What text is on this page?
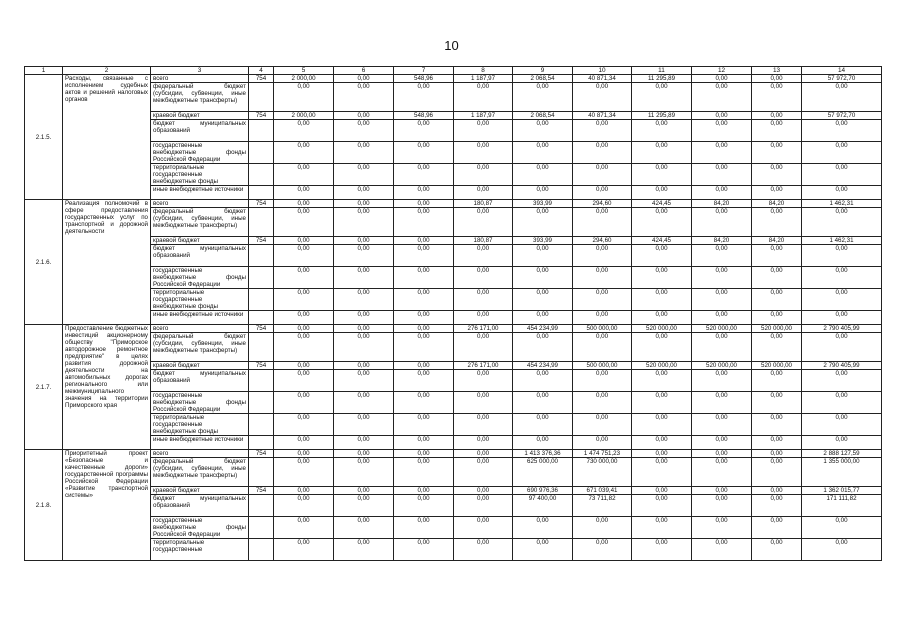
10
1	2	3	4	5	6	7	8	9	10	11	12	13	14
2.1.5.	Расходы, связанные с исполнением судебных актов и решений налоговых органов	всего	754	2 000,00	0,00	548,96	1 187,97	2 068,54	40 871,34	11 295,89	0,00	0,00	57 972,70
		федеральный бюджет (субсидии, субвенции, иные межбюджетные трансферты)		0,00	0,00	0,00	0,00	0,00	0,00	0,00	0,00	0,00	0,00
		краевой бюджет	754	2 000,00	0,00	548,96	1 187,97	2 068,54	40 871,34	11 295,89	0,00	0,00	57 972,70
		бюджет муниципальных образований		0,00	0,00	0,00	0,00	0,00	0,00	0,00	0,00	0,00	0,00
		государственные внебюджетные фонды Российской Федерации		0,00	0,00	0,00	0,00	0,00	0,00	0,00	0,00	0,00	0,00
		территориальные государственные внебюджетные фонды		0,00	0,00	0,00	0,00	0,00	0,00	0,00	0,00	0,00	0,00
		иные внебюджетные источники		0,00	0,00	0,00	0,00	0,00	0,00	0,00	0,00	0,00	0,00
2.1.6.	Реализация полномочий в сфере предоставления государственных услуг по транспортной и дорожной деятельности	всего	754	0,00	0,00	0,00	180,87	393,99	294,60	424,45	84,20	84,20	1 462,31
		федеральный бюджет (субсидии, субвенции, иные межбюджетные трансферты)		0,00	0,00	0,00	0,00	0,00	0,00	0,00	0,00	0,00	0,00
		краевой бюджет	754	0,00	0,00	0,00	180,87	393,99	294,60	424,45	84,20	84,20	1 462,31
		бюджет муниципальных образований		0,00	0,00	0,00	0,00	0,00	0,00	0,00	0,00	0,00	0,00
		государственные внебюджетные фонды Российской Федерации		0,00	0,00	0,00	0,00	0,00	0,00	0,00	0,00	0,00	0,00
		территориальные государственные внебюджетные фонды		0,00	0,00	0,00	0,00	0,00	0,00	0,00	0,00	0,00	0,00
		иные внебюджетные источники		0,00	0,00	0,00	0,00	0,00	0,00	0,00	0,00	0,00	0,00
2.1.7.	Предоставление бюджетных инвестиций акционерному обществу "Приморское автодорожное ремонтное предприятие" в целях развития дорожной деятельности на автомобильных дорогах регионального или межмуниципального значения на территории Приморского края	всего	754	0,00	0,00	0,00	276 171,00	454 234,99	500 000,00	520 000,00	520 000,00	520 000,00	2 790 405,99
		федеральный бюджет (субсидии, субвенции, иные межбюджетные трансферты)		0,00	0,00	0,00	0,00	0,00	0,00	0,00	0,00	0,00	0,00
		краевой бюджет	754	0,00	0,00	0,00	276 171,00	454 234,99	500 000,00	520 000,00	520 000,00	520 000,00	2 790 405,99
		бюджет муниципальных образований		0,00	0,00	0,00	0,00	0,00	0,00	0,00	0,00	0,00	0,00
		государственные внебюджетные фонды Российской Федерации		0,00	0,00	0,00	0,00	0,00	0,00	0,00	0,00	0,00	0,00
		территориальные государственные внебюджетные фонды		0,00	0,00	0,00	0,00	0,00	0,00	0,00	0,00	0,00	0,00
		иные внебюджетные источники		0,00	0,00	0,00	0,00	0,00	0,00	0,00	0,00	0,00	0,00
2.1.8.	Приоритетный проект «Безопасные и качественные дороги» государственной программы Российской Федерации «Развитие транспортной системы»	всего	754	0,00	0,00	0,00	0,00	1 413 376,36	1 474 751,23	0,00	0,00	0,00	2 888 127,59
		федеральный бюджет (субсидии, субвенции, иные межбюджетные трансферты)		0,00	0,00	0,00	0,00	625 000,00	730 000,00	0,00	0,00	0,00	1 355 000,00
		краевой бюджет	754	0,00	0,00	0,00	0,00	690 976,36	671 039,41	0,00	0,00	0,00	1 362 015,77
		бюджет муниципальных образований		0,00	0,00	0,00	0,00	97 400,00	73 711,82	0,00	0,00	0,00	171 111,82
		государственные внебюджетные фонды Российской Федерации		0,00	0,00	0,00	0,00	0,00	0,00	0,00	0,00	0,00	0,00
		территориальные государственные		0,00	0,00	0,00	0,00	0,00	0,00	0,00	0,00	0,00	0,00
